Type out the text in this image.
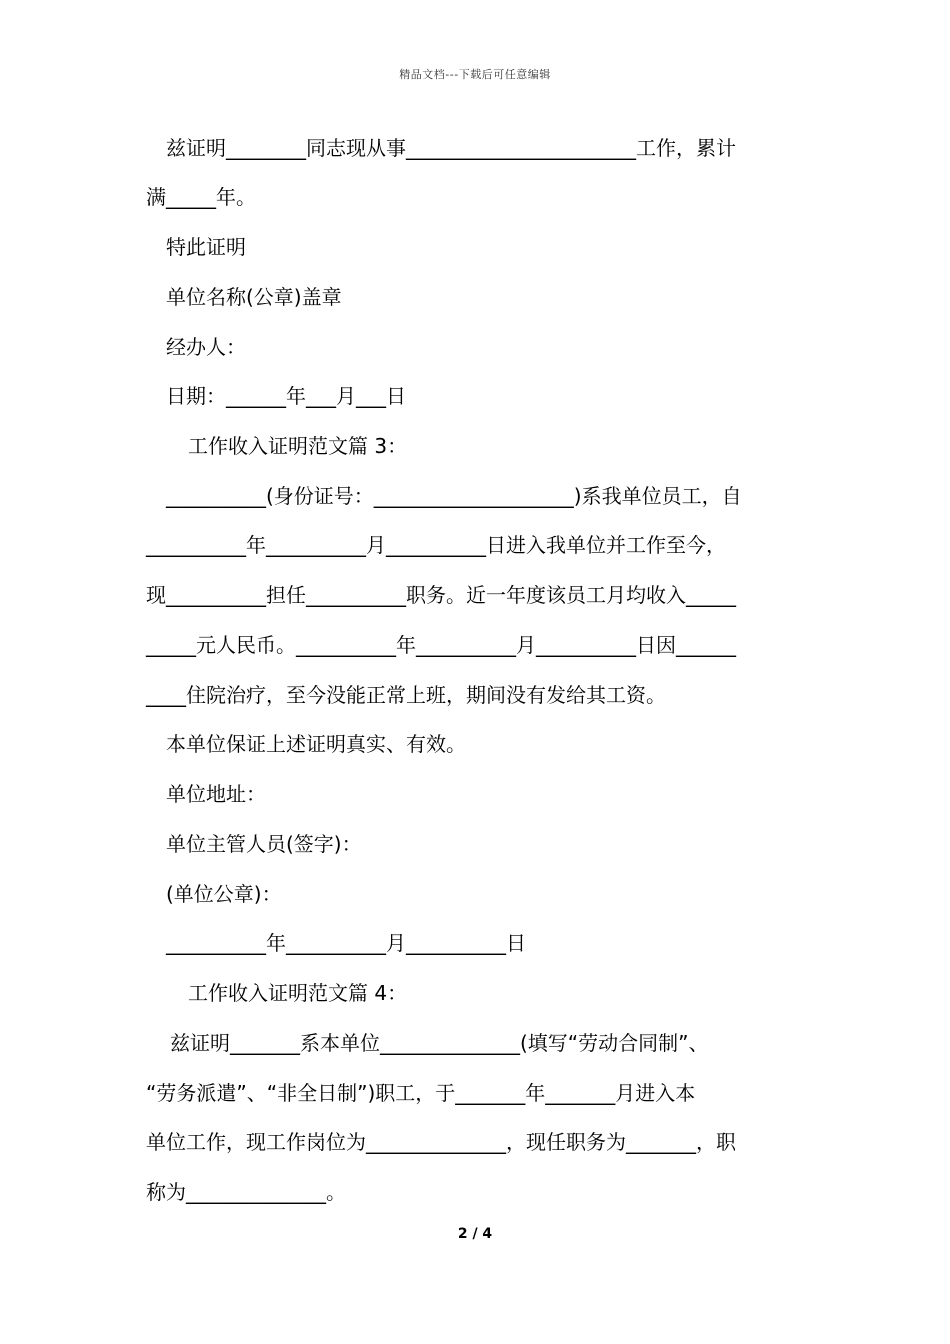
精品文档---下载后可任意编辑
兹证明________同志现从事_______________________工作，累计
满_____年。
特此证明
单位名称(公章)盖章
经办人：
日期：______年___月___日
工作收入证明范文篇 3：
__________(身份证号：____________________)系我单位员工，自
__________年__________月__________日进入我单位并工作至今，
现__________担任__________职务。近一年度该员工月均收入_____
_____元人民币。__________年__________月__________日因______
____住院治疗，至今没能正常上班，期间没有发给其工资。
本单位保证上述证明真实、有效。
单位地址：
单位主管人员(签字)：
(单位公章)：
__________年__________月__________日
工作收入证明范文篇 4：
兹证明_______系本单位______________(填写“劳动合同制”、
“劳务派遣”、“非全日制”)职工，于_______年_______月进入本
单位工作，现工作岗位为______________，现任职务为_______，职
称为______________。
2 / 4
